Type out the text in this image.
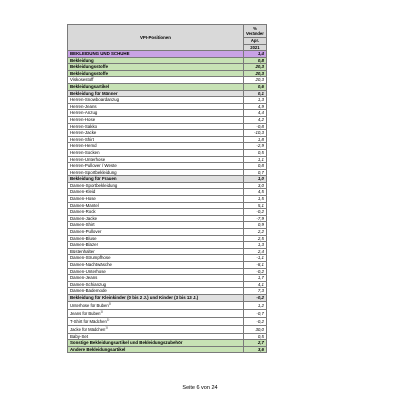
VPI-Positionen	% Veränder
	Apr.
	2021
BEKLEIDUNG UND SCHUHE	1,4
Bekleidung	0,8
Bekleidungsstoffe	20,3
Bekleidungsstoffe	20,3
Viskosestoff	20,3
Bekleidungsartikel	0,6
Bekleidung für Männer	0,1
Herren-Snowboardanzug	1,3
Herren-Jeans	4,9
Herren-Anzug	4,4
Herren-Hose	4,2
Herren-Sakko	-0,8
Herren-Jacke	-10,3
Herren-Shirt	1,8
Herren-Hemd	-2,9
Herren-Socken	0,5
Herren-Unterhose	1,1
Herren-Pullover / Weste	0,8
Herren-Sportbekleidung	0,7
Bekleidung für Frauen	1,0
Damen-Sportbekleidung	3,0
Damen-Kleid	4,5
Damen-Hose	1,5
Damen-Mantel	5,1
Damen-Rock	-0,2
Damen-Jacke	-7,9
Damen-Shirt	0,9
Damen-Pullover	2,2
Damen-Bluse	2,5
Damen-Blazer	1,3
Büstenhalter	2,4
Damen-Strumpfhose	-1,1
Damen-Nachtwäsche	-8,1
Damen-Unterhose	-0,2
Damen-Jeans	1,7
Damen-Schianzug	4,1
Damen-Bademode	7,3
Bekleidung für Kleinkinder (0 bis 2 J.) und Kinder (3 bis 13 J.)	-0,2
Unterhose für Buben$^{1)}$	1,2
Jeans für Buben$^{1)}$	-0,7
T-Shirt für Mädchen$^{1)}$	-0,2
Jacke für Mädchen$^{1)}$	30,0
Baby-Set	0,5
Sonstige Bekleidungsartikel und Bekleidungszubehör	2,7
Andere Bekleidungsartikel	3,6
Seite 6 von 24
